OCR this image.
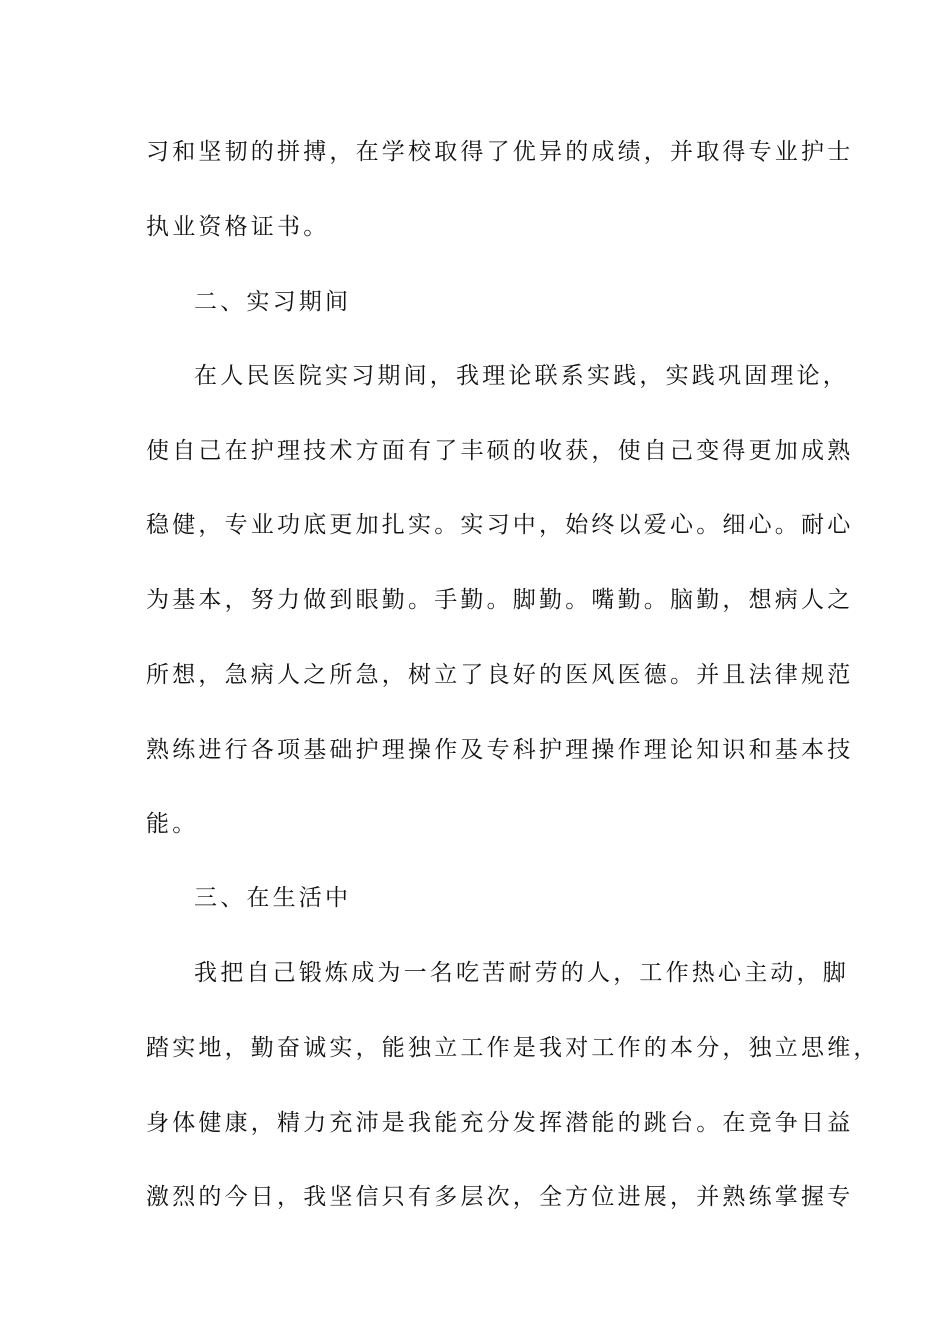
习和坚韧的拼搏，在学校取得了优异的成绩，并取得专业护士
执业资格证书。
二、实习期间
在人民医院实习期间，我理论联系实践，实践巩固理论，
使自己在护理技术方面有了丰硕的收获，使自己变得更加成熟
稳健，专业功底更加扎实。实习中，始终以爱心。细心。耐心
为基本，努力做到眼勤。手勤。脚勤。嘴勤。脑勤，想病人之
所想，急病人之所急，树立了良好的医风医德。并且法律规范
熟练进行各项基础护理操作及专科护理操作理论知识和基本技
能。
三、在生活中
我把自己锻炼成为一名吃苦耐劳的人，工作热心主动，脚
踏实地，勤奋诚实，能独立工作是我对工作的本分，独立思维，
身体健康，精力充沛是我能充分发挥潜能的跳台。在竞争日益
激烈的今日，我坚信只有多层次，全方位进展，并熟练掌握专
